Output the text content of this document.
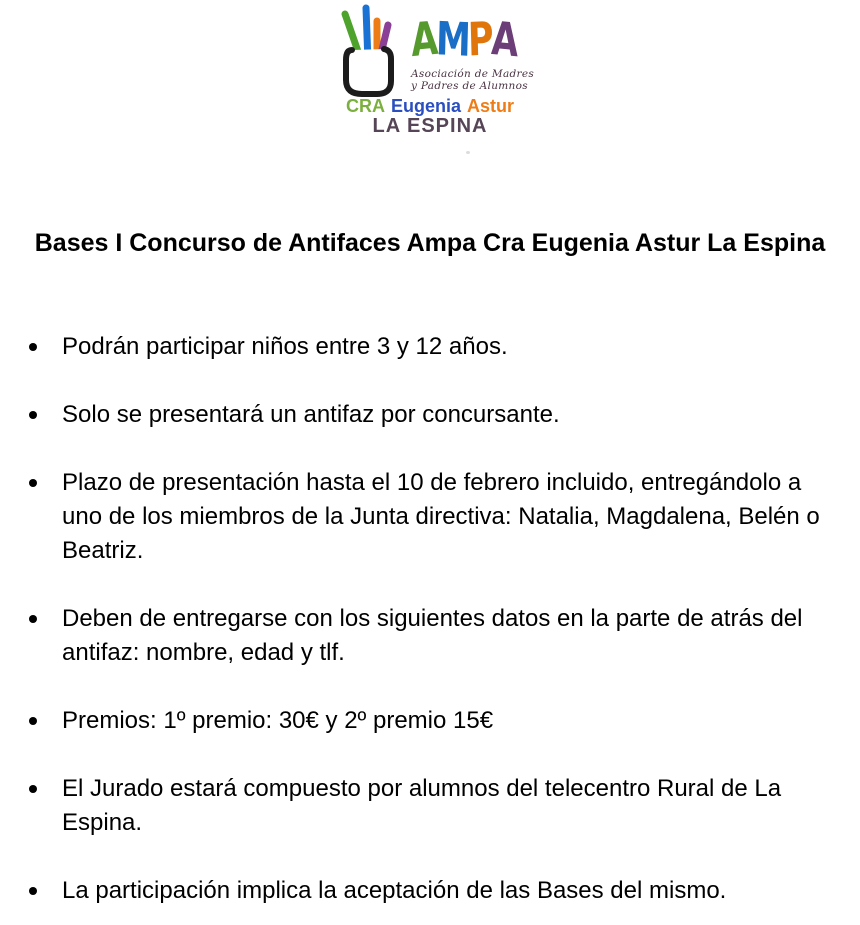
AMPA
Asociación de Madres
y Padres de Alumnos
CRA Eugenia Astur
LA ESPINA
Bases I Concurso de Antifaces Ampa Cra Eugenia Astur La Espina
Podrán participar niños entre 3 y 12 años.
Solo se presentará un antifaz por concursante.
Plazo de presentación hasta el 10 de febrero incluido, entregándolo a uno de los miembros de la Junta directiva: Natalia, Magdalena, Belén o Beatriz.
Deben de entregarse con los siguientes datos en la parte de atrás del antifaz: nombre, edad y tlf.
Premios: 1º premio: 30€ y 2º premio 15€
El Jurado estará compuesto por alumnos del telecentro Rural de La Espina.
La participación implica la aceptación de las Bases del mismo.
